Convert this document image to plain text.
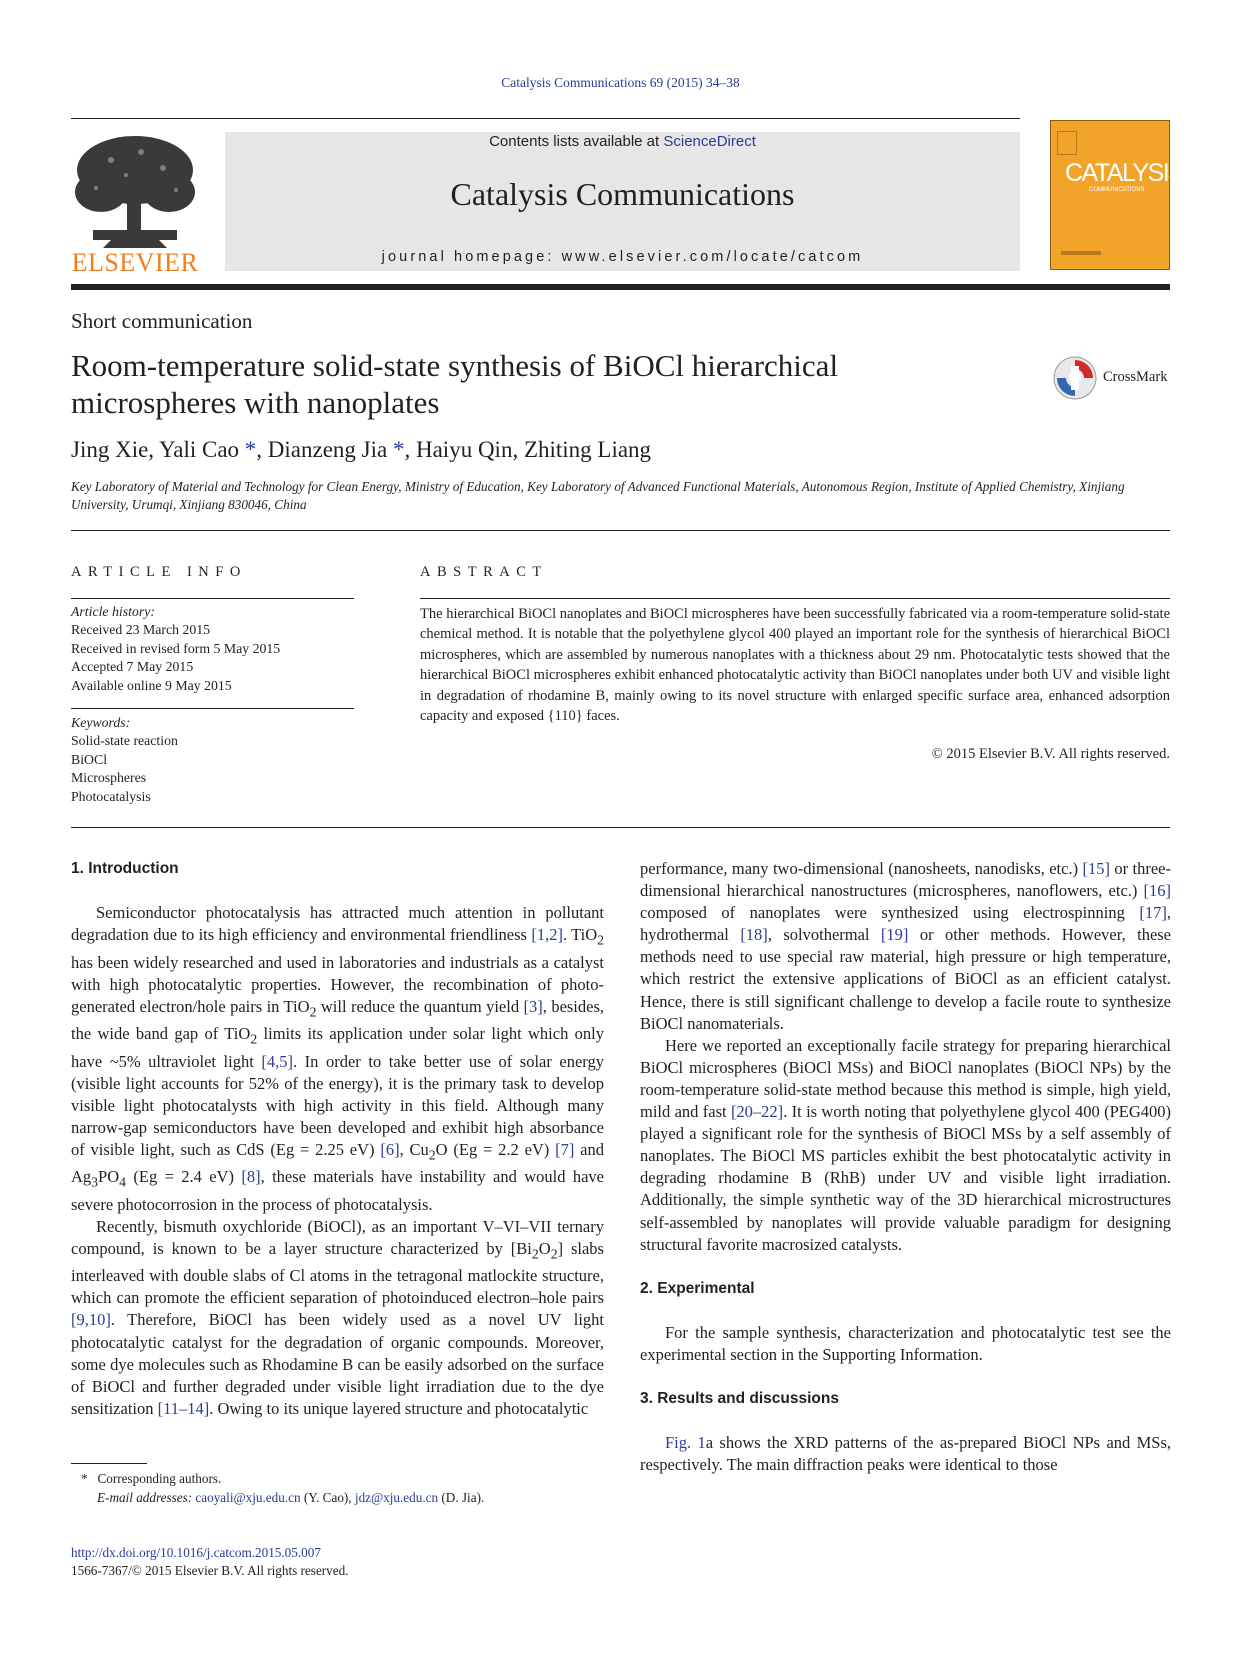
Catalysis Communications 69 (2015) 34–38
ELSEVIER
Contents lists available at ScienceDirect
Catalysis Communications
journal homepage: www.elsevier.com/locate/catcom
CATALYSIS
COMMUNICATIONS
Short communication
Room-temperature solid-state synthesis of BiOCl hierarchical microspheres with nanoplates
CrossMark
Jing Xie, Yali Cao *, Dianzeng Jia *, Haiyu Qin, Zhiting Liang
Key Laboratory of Material and Technology for Clean Energy, Ministry of Education, Key Laboratory of Advanced Functional Materials, Autonomous Region, Institute of Applied Chemistry, Xinjiang University, Urumqi, Xinjiang 830046, China
ARTICLE INFO	ABSTRACT
Article history:
Received 23 March 2015
Received in revised form 5 May 2015
Accepted 7 May 2015
Available online 9 May 2015
Keywords:
Solid-state reaction
BiOCl
Microspheres
Photocatalysis
The hierarchical BiOCl nanoplates and BiOCl microspheres have been successfully fabricated via a room-temperature solid-state chemical method. It is notable that the polyethylene glycol 400 played an important role for the synthesis of hierarchical BiOCl microspheres, which are assembled by numerous nanoplates with a thickness about 29 nm. Photocatalytic tests showed that the hierarchical BiOCl microspheres exhibit enhanced photocatalytic activity than BiOCl nanoplates under both UV and visible light in degradation of rhodamine B, mainly owing to its novel structure with enlarged specific surface area, enhanced adsorption capacity and exposed {110} faces.
© 2015 Elsevier B.V. All rights reserved.
1. Introduction

Semiconductor photocatalysis has attracted much attention in pollutant degradation due to its high efficiency and environmental friendliness [1,2]. TiO$_2$ has been widely researched and used in laboratories and industrials as a catalyst with high photocatalytic properties. However, the recombination of photo-generated electron/hole pairs in TiO$_2$ will reduce the quantum yield [3], besides, the wide band gap of TiO$_2$ limits its application under solar light which only have ~5% ultraviolet light [4,5]. In order to take better use of solar energy (visible light accounts for 52% of the energy), it is the primary task to develop visible light photocatalysts with high activity in this field. Although many narrow-gap semiconductors have been developed and exhibit high absorbance of visible light, such as CdS (Eg = 2.25 eV) [6], $Cu_2O$ (Eg = 2.2 eV) [7] and $Ag_3PO_4$ (Eg = 2.4 eV) [8], these materials have instability and would have severe photocorrosion in the process of photocatalysis.

Recently, bismuth oxychloride (BiOCl), as an important V–VI–VII ternary compound, is known to be a layer structure characterized by $[Bi_2O_2]$ slabs interleaved with double slabs of Cl atoms in the tetragonal matlockite structure, which can promote the efficient separation of photoinduced electron–hole pairs [9,10]. Therefore, BiOCl has been widely used as a novel UV light photocatalytic catalyst for the degradation of organic compounds. Moreover, some dye molecules such as Rhodamine B can be easily adsorbed on the surface of BiOCl and further degraded under visible light irradiation due to the dye sensitization [11–14]. Owing to its unique layered structure and photocatalytic

performance, many two-dimensional (nanosheets, nanodisks, etc.) [15] or three-dimensional hierarchical nanostructures (microspheres, nanoflowers, etc.) [16] composed of nanoplates were synthesized using electrospinning [17], hydrothermal [18], solvothermal [19] or other methods. However, these methods need to use special raw material, high pressure or high temperature, which restrict the extensive applications of BiOCl as an efficient catalyst. Hence, there is still significant challenge to develop a facile route to synthesize BiOCl nanomaterials.

Here we reported an exceptionally facile strategy for preparing hierarchical BiOCl microspheres (BiOCl MSs) and BiOCl nanoplates (BiOCl NPs) by the room-temperature solid-state method because this method is simple, high yield, mild and fast [20–22]. It is worth noting that polyethylene glycol 400 (PEG400) played a significant role for the synthesis of BiOCl MSs by a self assembly of nanoplates. The BiOCl MS particles exhibit the best photocatalytic activity in degrading rhodamine B (RhB) under UV and visible light irradiation. Additionally, the simple synthetic way of the 3D hierarchical microstructures self-assembled by nanoplates will provide valuable paradigm for designing structural favorite macrosized catalysts.

2. Experimental

For the sample synthesis, characterization and photocatalytic test see the experimental section in the Supporting Information.

3. Results and discussions

Fig. 1a shows the XRD patterns of the as-prepared BiOCl NPs and MSs, respectively. The main diffraction peaks were identical to those

* Corresponding authors.
E-mail addresses: caoyali@xju.edu.cn (Y. Cao), jdz@xju.edu.cn (D. Jia).
http://dx.doi.org/10.1016/j.catcom.2015.05.007
1566-7367/© 2015 Elsevier B.V. All rights reserved.
